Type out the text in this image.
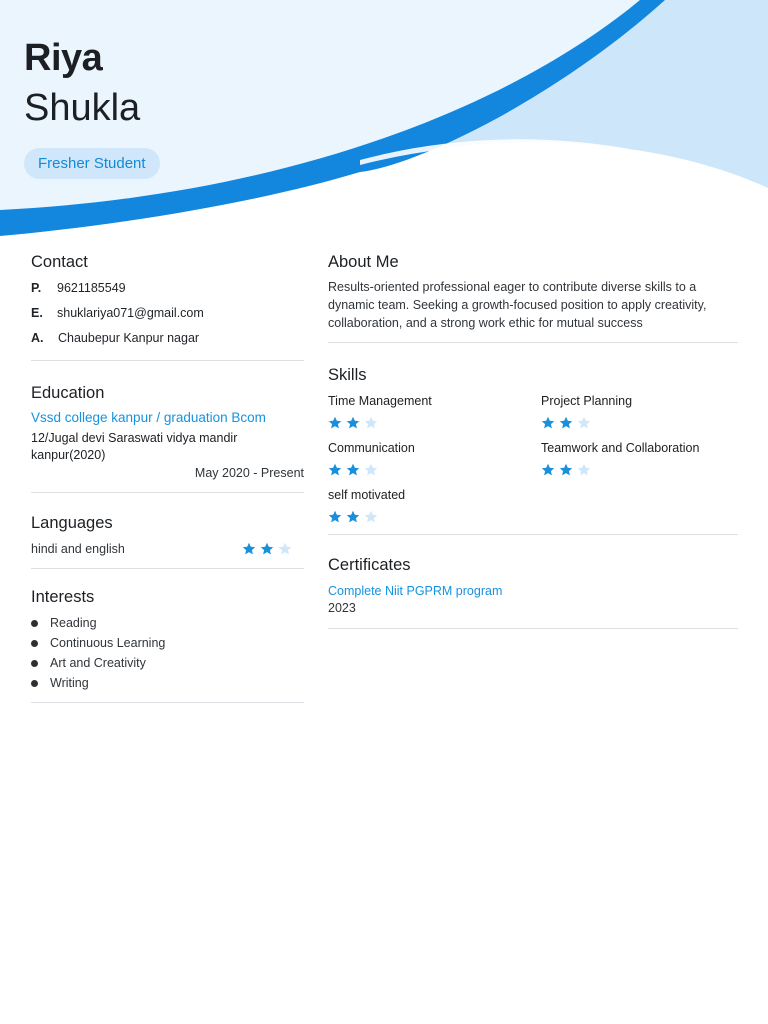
Riya
Shukla
Fresher Student
Contact
P.	9621185549
E.	shuklariya071@gmail.com
A.	Chaubepur Kanpur nagar
Education
Vssd college kanpur / graduation Bcom
12/Jugal devi Saraswati vidya mandir kanpur(2020)
May 2020 - Present
Languages
hindi and english
Interests
Reading
Continuous Learning
Art and Creativity
Writing
About Me

Results-oriented professional eager to contribute diverse skills to a dynamic team. Seeking a growth-focused position to apply creativity, collaboration, and a strong work ethic for mutual success

Skills
Time Management	Project Planning
Communication	Teamwork and Collaboration
self motivated
Certificates
Complete Niit PGPRM program
2023
